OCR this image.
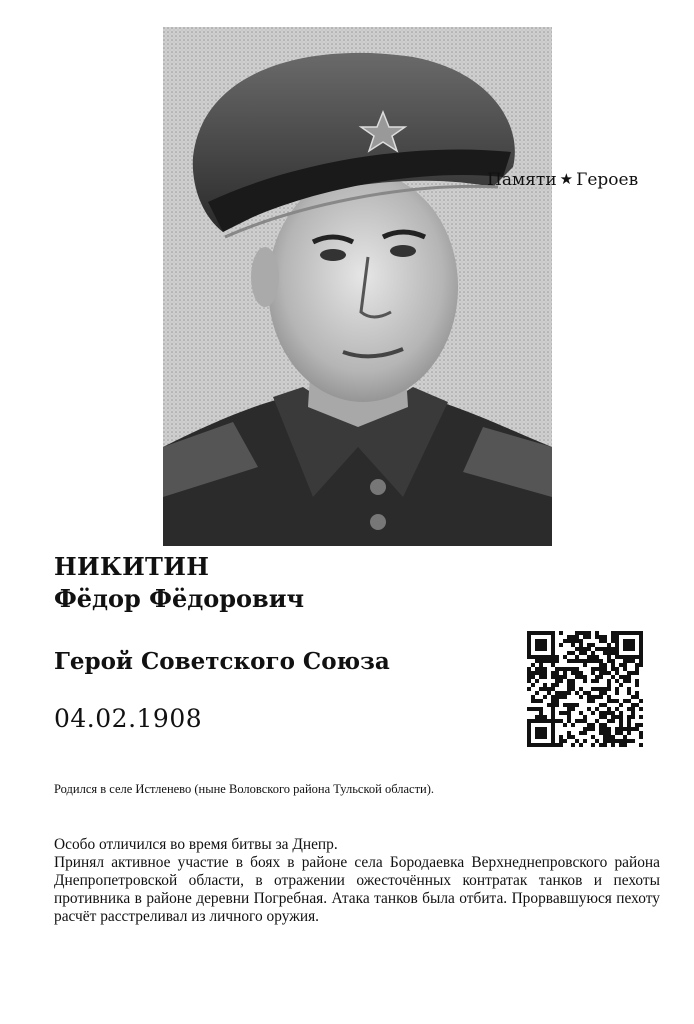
Памяти ★ Героев
НИКИТИН
Фёдор Фёдорович
Герой Советского Союза
04.02.1908
Родился в селе Истленево (ныне Воловского района Тульской области).
Особо отличился во время битвы за Днепр.
Принял активное участие в боях в районе села Бородаевка Верхнеднепровского района Днепропетровской области, в отражении ожесточённых контратак танков и пехоты противника в районе деревни Погребная. Атака танков была отбита. Прорвавшуюся пехоту расчёт расстреливал из личного оружия.
